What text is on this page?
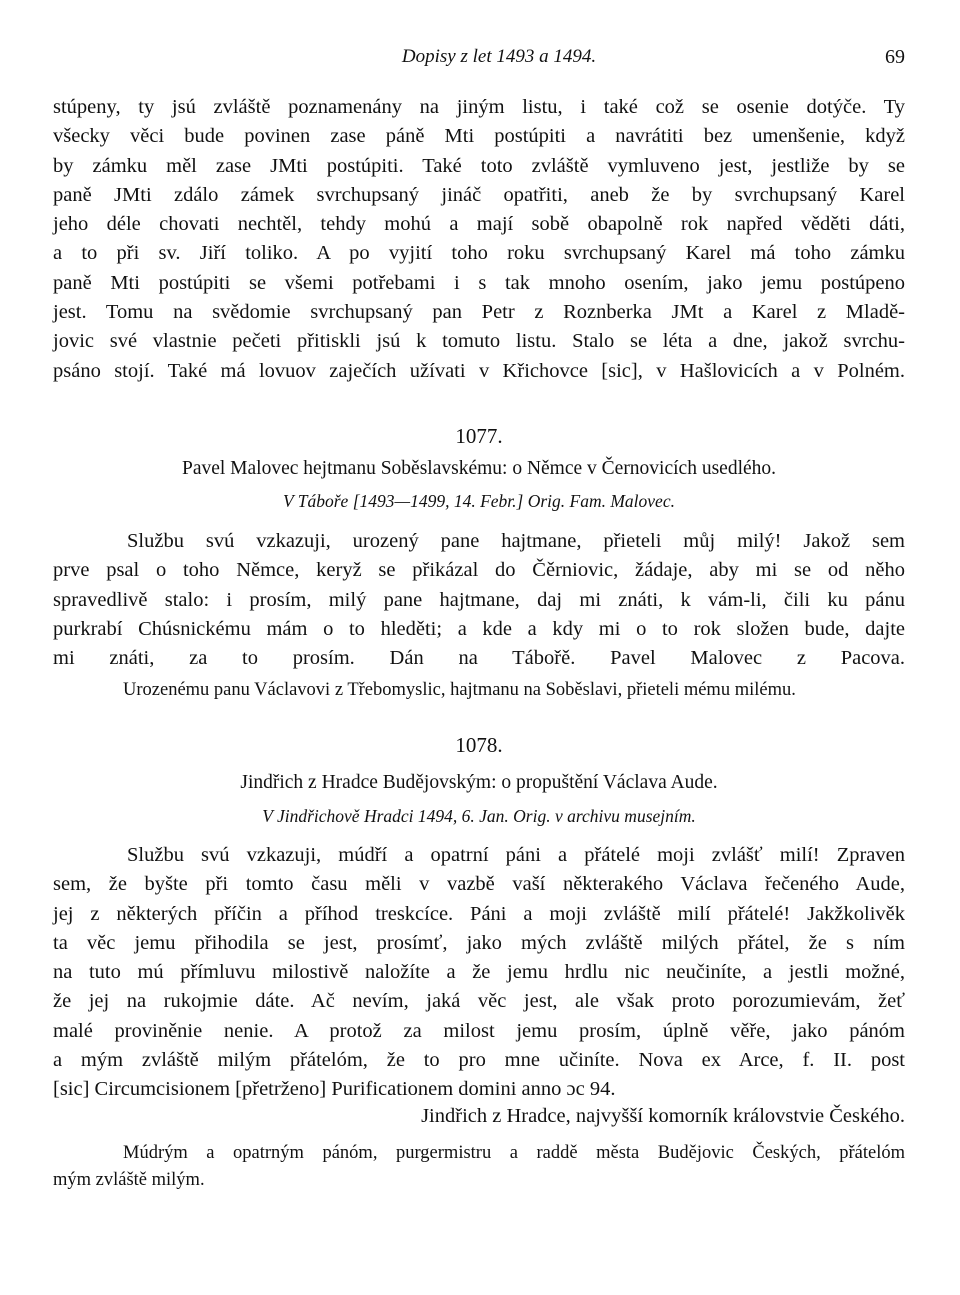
Dopisy z let 1493 a 1494.	69
stúpeny, ty jsú zvláště poznamenány na jiným listu, i také což se osenie dotýče. Ty
všecky věci bude povinen zase páně Mti postúpiti a navrátiti bez umenšenie, když
by zámku měl zase JMti postúpiti. Také toto zvláště vymluveno jest, jestliže by se
paně JMti zdálo zámek svrchupsaný jináč opatřiti, aneb že by svrchupsaný Karel
jeho déle chovati nechtěl, tehdy mohú a mají sobě obapolně rok napřed věděti dáti,
a to při sv. Jiří toliko. A po vyjití toho roku svrchupsaný Karel má toho zámku
paně Mti postúpiti se všemi potřebami i s tak mnoho osením, jako jemu postúpeno
jest. Tomu na svědomie svrchupsaný pan Petr z Roznberka JMt a Karel z Mladě-
jovic své vlastnie pečeti přitiskli jsú k tomuto listu. Stalo se léta a dne, jakož svrchu-
psáno stojí. Také má lovuov zaječích užívati v Křichovce [sic], v Hašlovicích a v Polném.
1077.
Pavel Malovec hejtmanu Soběslavskému: o Němce v Černovicích usedlého.
V Tábořе [1493—1499, 14. Febr.] Orig. Fam. Malovec.
Službu svú vzkazuji, urozený pane hajtmane, přieteli můj milý! Jakož sem
prve psal o toho Němce, keryž se přikázal do Čěrniovic, žádaje, aby mi se od něho
spravedlivě stalo: i prosím, milý pane hajtmane, daj mi znáti, k vám-li, čili ku pánu
purkrabí Chúsnickému mám o to hleděti; a kde a kdy mi o to rok složen bude, dajte
mi znáti, za to prosím. Dán na Tábořě. Pavel Malovec z Pacova.
Urozenému panu Václavovi z Třebomyslic, hajtmanu na Soběslavi, přieteli mému milému.
1078.
Jindřich z Hradce Budějovským: o propuštění Václava Aude.
V Jindřichově Hradci 1494, 6. Jan. Orig. v archivu musejním.
Službu svú vzkazuji, múdří a opatrní páni a přátelé moji zvlášť milí! Zpraven
sem, že byšte při tomto času měli v vazbě vaší některakého Václava řečeného Aude,
jej z některých příčin a příhod treskcíce. Páni a moji zvláště milí přátelé! Jakžkolivěk
ta věc jemu přihodila se jest, prosímť, jako mých zvláště milých přátel, že s ním
na tuto mú přímluvu milostivě naložíte a že jemu hrdlu nic neučiníte, a jestli možné,
že jej na rukojmie dáte. Ač nevím, jaká věc jest, ale však proto porozumievám, žeť
malé proviněnie nenie. A protož za milost jemu prosím, úplně věře, jako pánóm
a mým zvláště milým přátelóm, že to pro mne učiníte. Nova ex Arce, f. II. post
[sic] Circumcisionem [přetrženo] Purificationem domini anno ɔc 94.
Jindřich z Hradce, najvyšší komorník královstvie Českého.
Múdrým a opatrným pánóm, purgermistru a raddě města Budějovic Českých, přátelóm
mým zvláště milým.
